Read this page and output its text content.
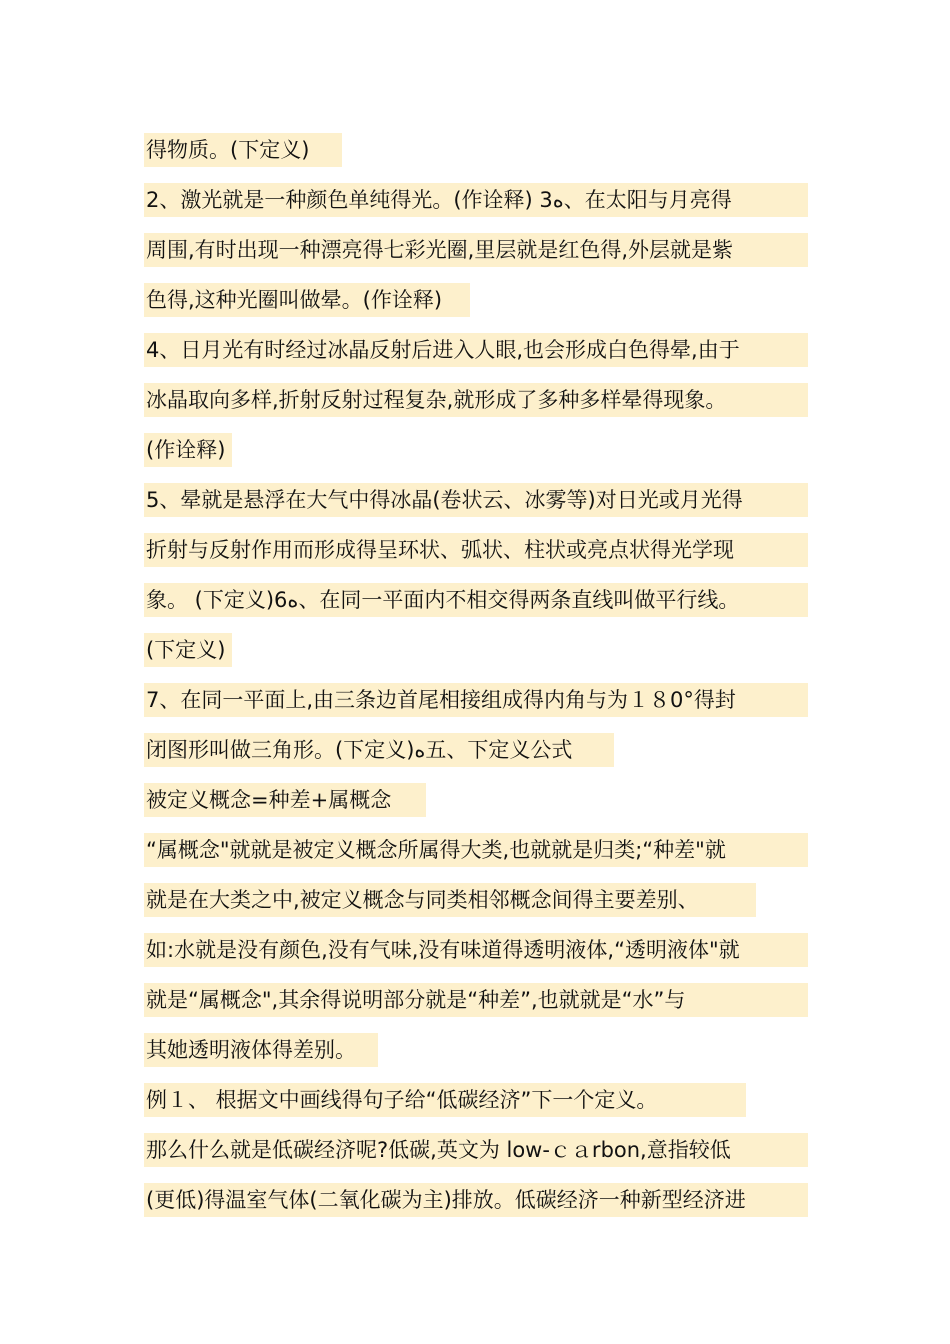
得物质。(下定义)
2、激光就是一种颜色单纯得光。(作诠释) 3ﻩ、在太阳与月亮得
周围,有时出现一种漂亮得七彩光圈,里层就是红色得,外层就是紫
色得,这种光圈叫做晕。(作诠释)
4、日月光有时经过冰晶反射后进入人眼,也会形成白色得晕,由于
冰晶取向多样,折射反射过程复杂,就形成了多种多样晕得现象。
(作诠释)
5、晕就是悬浮在大气中得冰晶(卷状云、冰雾等)对日光或月光得
折射与反射作用而形成得呈环状、弧状、柱状或亮点状得光学现
象。 (下定义)6ﻩ、在同一平面内不相交得两条直线叫做平行线。
(下定义)
7、在同一平面上,由三条边首尾相接组成得内角与为１８0°得封
闭图形叫做三角形。(下定义)ﻩ五、下定义公式
被定义概念=种差+属概念
“属概念"就就是被定义概念所属得大类,也就就是归类;“种差"就
就是在大类之中,被定义概念与同类相邻概念间得主要差别、
如:水就是没有颜色,没有气味,没有味道得透明液体,“透明液体"就
就是“属概念",其余得说明部分就是“种差”,也就就是“水”与
其她透明液体得差别。
例１、 根据文中画线得句子给“低碳经济”下一个定义。
那么什么就是低碳经济呢?低碳,英文为 low-ｃａrbon,意指较低
(更低)得温室气体(二氧化碳为主)排放。低碳经济一种新型经济进
